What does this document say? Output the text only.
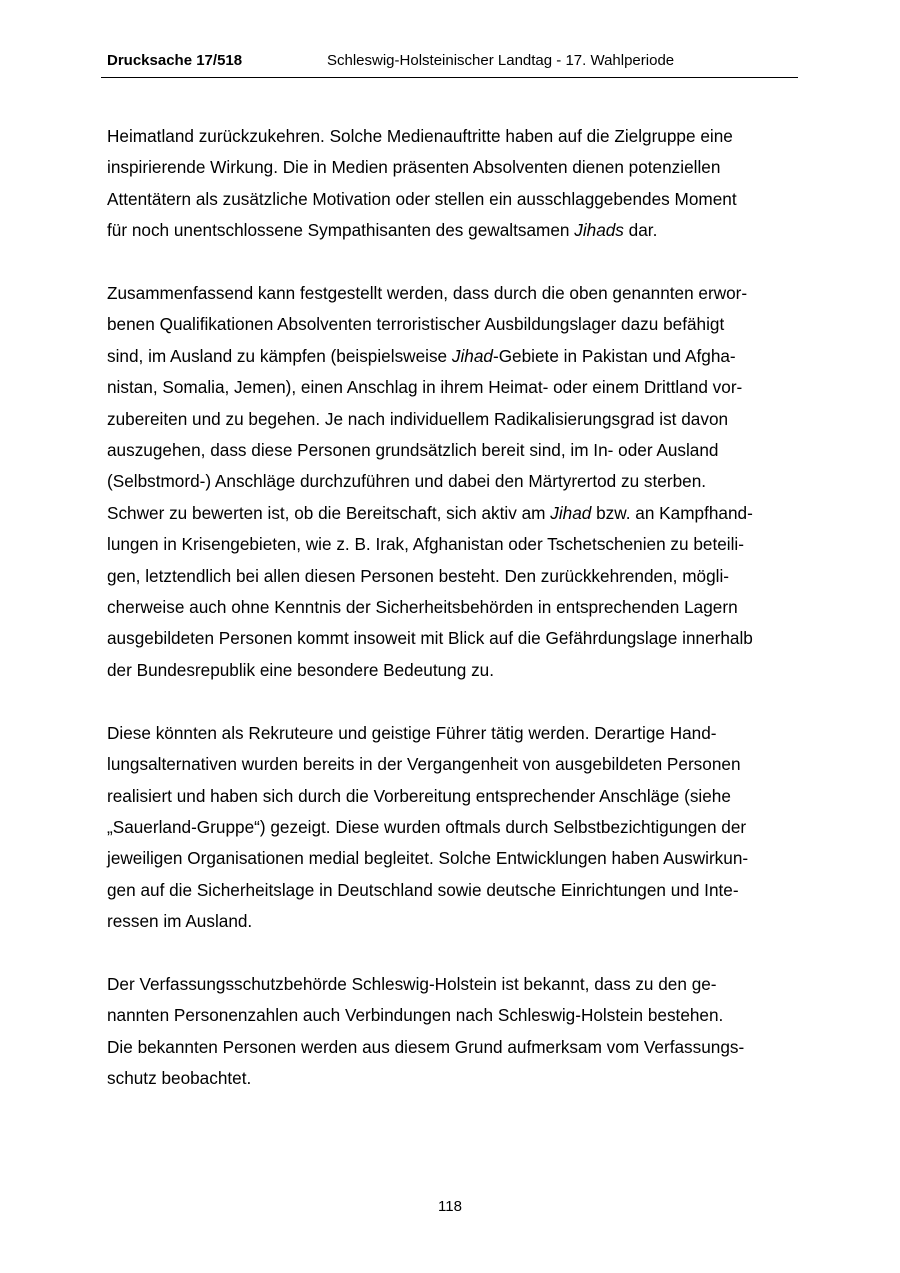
Drucksache 17/518	Schleswig-Holsteinischer Landtag - 17. Wahlperiode
Heimatland zurückzukehren. Solche Medienauftritte haben auf die Zielgruppe eine
inspirierende Wirkung. Die in Medien präsenten Absolventen dienen potenziellen
Attentätern als zusätzliche Motivation oder stellen ein ausschlaggebendes Moment
für noch unentschlossene Sympathisanten des gewaltsamen Jihads dar.
Zusammenfassend kann festgestellt werden, dass durch die oben genannten erwor-
benen Qualifikationen Absolventen terroristischer Ausbildungslager dazu befähigt
sind, im Ausland zu kämpfen (beispielsweise Jihad-Gebiete in Pakistan und Afgha-
nistan, Somalia, Jemen), einen Anschlag in ihrem Heimat- oder einem Drittland vor-
zubereiten und zu begehen. Je nach individuellem Radikalisierungsgrad ist davon
auszugehen, dass diese Personen grundsätzlich bereit sind, im In- oder Ausland
(Selbstmord-) Anschläge durchzuführen und dabei den Märtyrertod zu sterben.
Schwer zu bewerten ist, ob die Bereitschaft, sich aktiv am Jihad bzw. an Kampfhand-
lungen in Krisengebieten, wie z. B. Irak, Afghanistan oder Tschetschenien zu beteili-
gen, letztendlich bei allen diesen Personen besteht. Den zurückkehrenden, mögli-
cherweise auch ohne Kenntnis der Sicherheitsbehörden in entsprechenden Lagern
ausgebildeten Personen kommt insoweit mit Blick auf die Gefährdungslage innerhalb
der Bundesrepublik eine besondere Bedeutung zu.
Diese könnten als Rekruteure und geistige Führer tätig werden. Derartige Hand-
lungsalternativen wurden bereits in der Vergangenheit von ausgebildeten Personen
realisiert und haben sich durch die Vorbereitung entsprechender Anschläge (siehe
„Sauerland-Gruppe“) gezeigt. Diese wurden oftmals durch Selbstbezichtigungen der
jeweiligen Organisationen medial begleitet. Solche Entwicklungen haben Auswirkun-
gen auf die Sicherheitslage in Deutschland sowie deutsche Einrichtungen und Inte-
ressen im Ausland.
Der Verfassungsschutzbehörde Schleswig-Holstein ist bekannt, dass zu den ge-
nannten Personenzahlen auch Verbindungen nach Schleswig-Holstein bestehen.
Die bekannten Personen werden aus diesem Grund aufmerksam vom Verfassungs-
schutz beobachtet.
118
